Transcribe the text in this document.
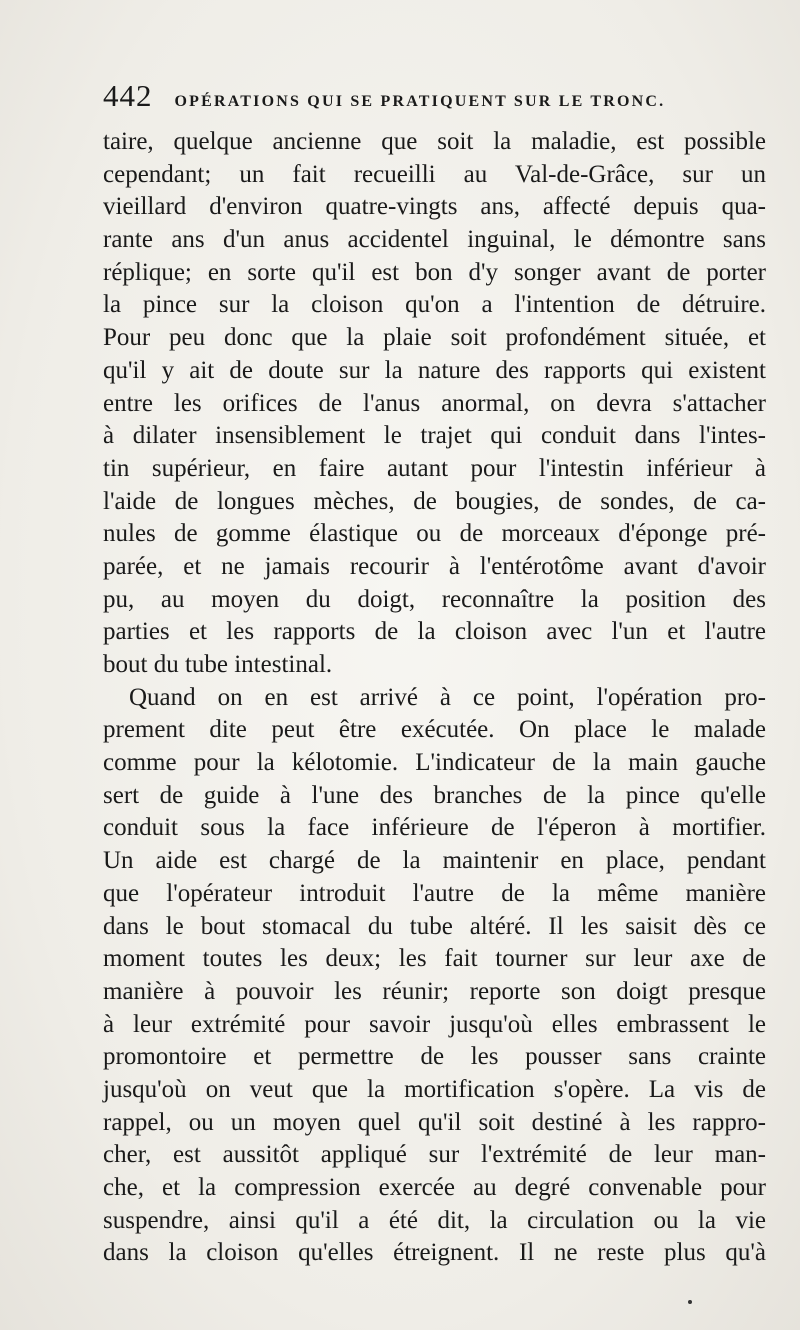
442 OPÉRATIONS QUI SE PRATIQUENT SUR LE TRONC.
taire, quelque ancienne que soit la maladie, est possible
cependant; un fait recueilli au Val-de-Grâce, sur un
vieillard d'environ quatre-vingts ans, affecté depuis qua-
rante ans d'un anus accidentel inguinal, le démontre sans
réplique; en sorte qu'il est bon d'y songer avant de porter
la pince sur la cloison qu'on a l'intention de détruire.
Pour peu donc que la plaie soit profondément située, et
qu'il y ait de doute sur la nature des rapports qui existent
entre les orifices de l'anus anormal, on devra s'attacher
à dilater insensiblement le trajet qui conduit dans l'intes-
tin supérieur, en faire autant pour l'intestin inférieur à
l'aide de longues mèches, de bougies, de sondes, de ca-
nules de gomme élastique ou de morceaux d'éponge pré-
parée, et ne jamais recourir à l'entérotôme avant d'avoir
pu, au moyen du doigt, reconnaître la position des
parties et les rapports de la cloison avec l'un et l'autre
bout du tube intestinal.
Quand on en est arrivé à ce point, l'opération pro-
prement dite peut être exécutée. On place le malade
comme pour la kélotomie. L'indicateur de la main gauche
sert de guide à l'une des branches de la pince qu'elle
conduit sous la face inférieure de l'éperon à mortifier.
Un aide est chargé de la maintenir en place, pendant
que l'opérateur introduit l'autre de la même manière
dans le bout stomacal du tube altéré. Il les saisit dès ce
moment toutes les deux; les fait tourner sur leur axe de
manière à pouvoir les réunir; reporte son doigt presque
à leur extrémité pour savoir jusqu'où elles embrassent le
promontoire et permettre de les pousser sans crainte
jusqu'où on veut que la mortification s'opère. La vis de
rappel, ou un moyen quel qu'il soit destiné à les rappro-
cher, est aussitôt appliqué sur l'extrémité de leur man-
che, et la compression exercée au degré convenable pour
suspendre, ainsi qu'il a été dit, la circulation ou la vie
dans la cloison qu'elles étreignent. Il ne reste plus qu'à
